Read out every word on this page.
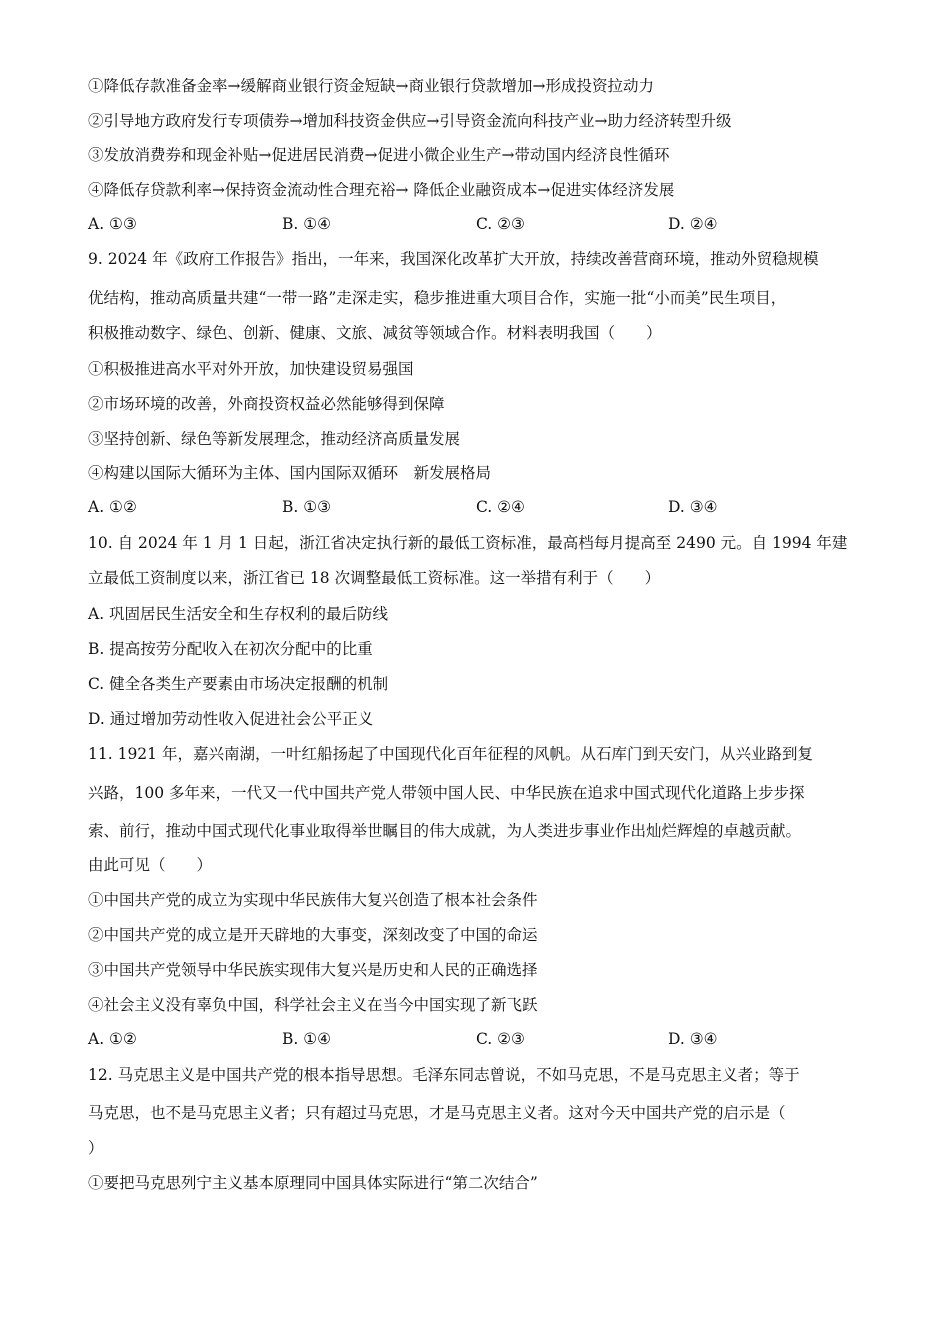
①降低存款准备金率→缓解商业银行资金短缺→商业银行贷款增加→形成投资拉动力
②引导地方政府发行专项债券→增加科技资金供应→引导资金流向科技产业→助力经济转型升级
③发放消费券和现金补贴→促进居民消费→促进小微企业生产→带动国内经济良性循环
④降低存贷款利率→保持资金流动性合理充裕→ 降低企业融资成本→促进实体经济发展
A. ①③	B. ①④	C. ②③	D. ②④
9. 2024 年《政府工作报告》指出，一年来，我国深化改革扩大开放，持续改善营商环境，推动外贸稳规模
优结构，推动高质量共建“一带一路”走深走实，稳步推进重大项目合作，实施一批“小而美”民生项目，
积极推动数字、绿色、创新、健康、文旅、减贫等领域合作。材料表明我国（　　）
①积极推进高水平对外开放，加快建设贸易强国
②市场环境的改善，外商投资权益必然能够得到保障
③坚持创新、绿色等新发展理念，推动经济高质量发展
④构建以国际大循环为主体、国内国际双循环　新发展格局
A. ①②	B. ①③	C. ②④	D. ③④
10. 自 2024 年 1 月 1 日起，浙江省决定执行新的最低工资标准，最高档每月提高至 2490 元。自 1994 年建
立最低工资制度以来，浙江省已 18 次调整最低工资标准。这一举措有利于（　　）
A. 巩固居民生活安全和生存权利的最后防线
B. 提高按劳分配收入在初次分配中的比重
C. 健全各类生产要素由市场决定报酬的机制
D. 通过增加劳动性收入促进社会公平正义
11. 1921 年，嘉兴南湖，一叶红船扬起了中国现代化百年征程的风帆。从石库门到天安门，从兴业路到复
兴路，100 多年来，一代又一代中国共产党人带领中国人民、中华民族在追求中国式现代化道路上步步探
索、前行，推动中国式现代化事业取得举世瞩目的伟大成就，为人类进步事业作出灿烂辉煌的卓越贡献。
由此可见（　　）
①中国共产党的成立为实现中华民族伟大复兴创造了根本社会条件
②中国共产党的成立是开天辟地的大事变，深刻改变了中国的命运
③中国共产党领导中华民族实现伟大复兴是历史和人民的正确选择
④社会主义没有辜负中国，科学社会主义在当今中国实现了新飞跃
A. ①②	B. ①④	C. ②③	D. ③④
12. 马克思主义是中国共产党的根本指导思想。毛泽东同志曾说，不如马克思，不是马克思主义者；等于
马克思，也不是马克思主义者；只有超过马克思，才是马克思主义者。这对今天中国共产党的启示是（
）
①要把马克思列宁主义基本原理同中国具体实际进行“第二次结合”
